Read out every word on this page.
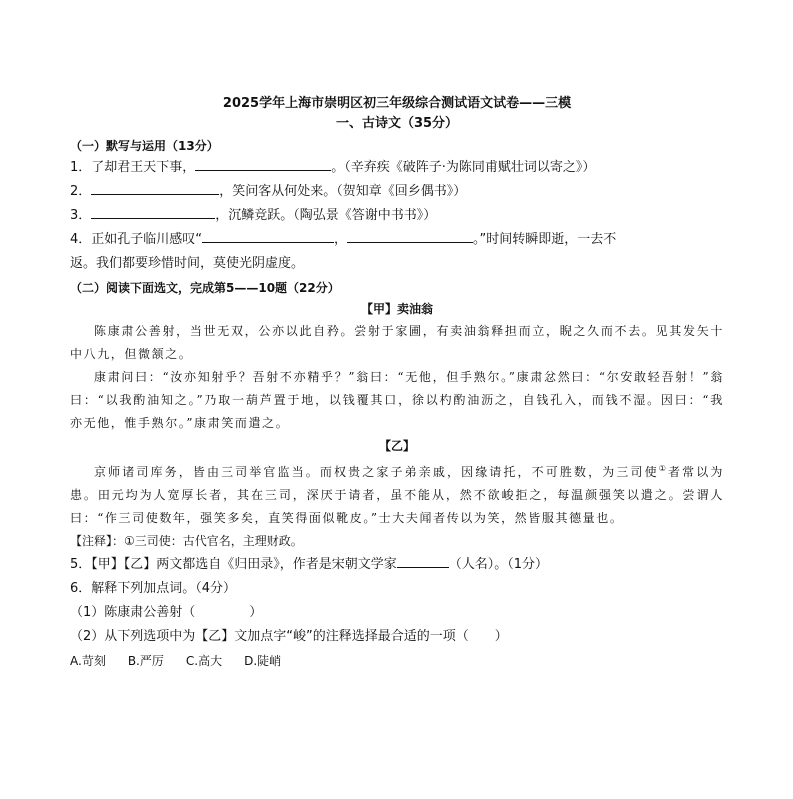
2025学年上海市崇明区初三年级综合测试语文试卷——三模

一、古诗文（35分）

（一）默写与运用（13分）

1．了却君王天下事，	。（辛弃疾《破阵子·为陈同甫赋壮词以寄之》）

2．	，笑问客从何处来。（贺知章《回乡偶书》）

3．	，沉鳞竞跃。（陶弘景《答谢中书书》）

4．正如孔子临川感叹“	，	。”时间转瞬即逝，一去不

返。我们都要珍惜时间，莫使光阴虚度。

（二）阅读下面选文，完成第5——10题（22分）

【甲】卖油翁

陈康肃公善射，当世无双，公亦以此自矜。尝射于家圃，有卖油翁释担而立，睨之久而不去。见其发矢十中八九，但微颔之。

康肃问曰：“汝亦知射乎？吾射不亦精乎？”翁曰：“无他，但手熟尔。”康肃忿然曰：“尔安敢轻吾射！”翁曰：“以我酌油知之。”乃取一葫芦置于地，以钱覆其口，徐以杓酌油沥之，自钱孔入，而钱不湿。因曰：“我亦无他，惟手熟尔。”康肃笑而遣之。

【乙】

京师诸司库务，皆由三司举官监当。而权贵之家子弟亲戚，因缘请托，不可胜数，为三司使①者常以为患。田元均为人宽厚长者，其在三司，深厌于请者，虽不能从，然不欲峻拒之，每温颜强笑以遣之。尝谓人曰：“作三司使数年，强笑多矣，直笑得面似靴皮。”士大夫闻者传以为笑，然皆服其德量也。

【注释】：①三司使：古代官名，主理财政。

5．【甲】【乙】两文都选自《归田录》，作者是宋朝文学家	（人名）。（1分）

6．解释下列加点词。（4分）

（1）陈康肃公善射（	）

（2）从下列选项中为【乙】文加点字“峻”的注释选择最合适的一项（　　）

A.苛刻 B.严厉 C.高大 D.陡峭
